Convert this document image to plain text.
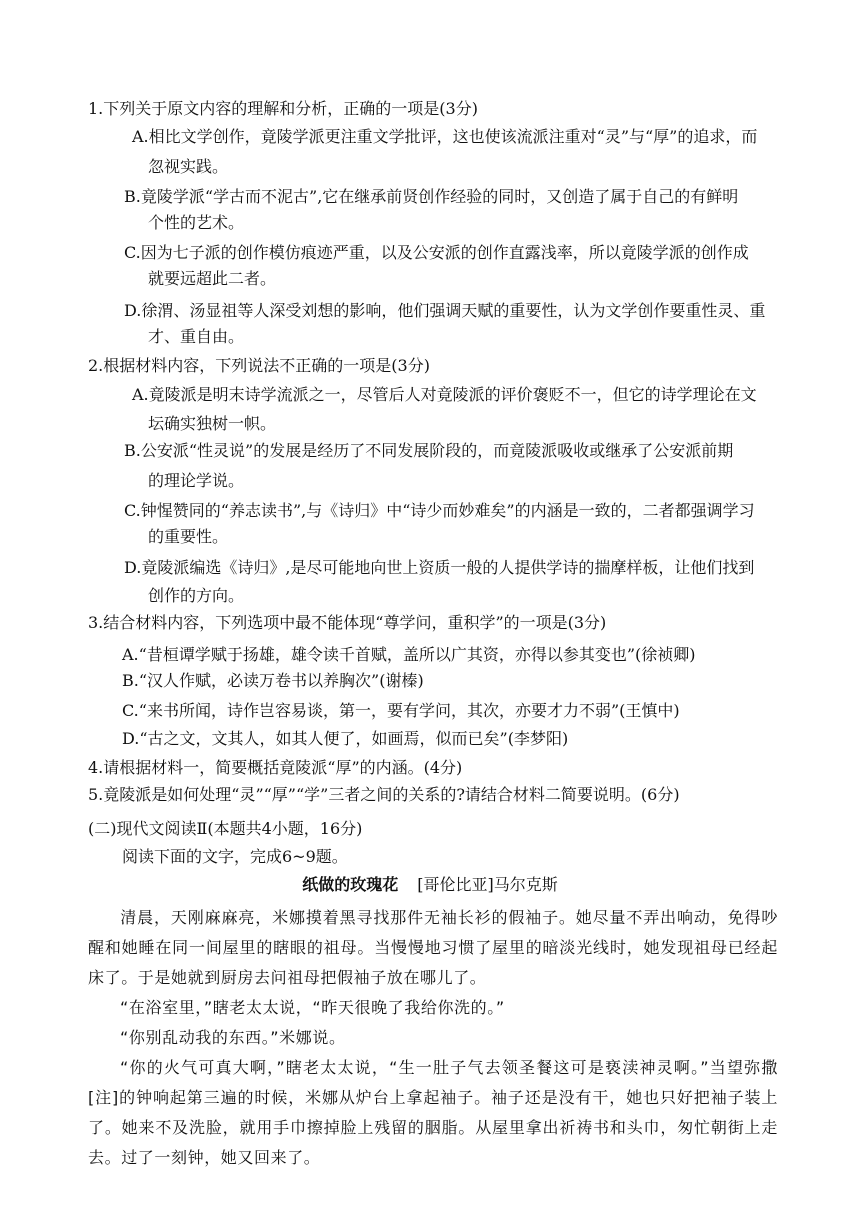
1.下列关于原文内容的理解和分析，正确的一项是(3分)
A.相比文学创作，竟陵学派更注重文学批评，这也使该流派注重对“灵”与“厚”的追求，而
忽视实践。
B.竟陵学派“学古而不泥古”,它在继承前贤创作经验的同时，又创造了属于自己的有鲜明
个性的艺术。
C.因为七子派的创作模仿痕迹严重，以及公安派的创作直露浅率，所以竟陵学派的创作成
就要远超此二者。
D.徐渭、汤显祖等人深受刘想的影响，他们强调天赋的重要性，认为文学创作要重性灵、重
才、重自由。
2.根据材料内容，下列说法不正确的一项是(3分)
A.竟陵派是明末诗学流派之一，尽管后人对竟陵派的评价褒贬不一，但它的诗学理论在文
坛确实独树一帜。
B.公安派“性灵说”的发展是经历了不同发展阶段的，而竟陵派吸收或继承了公安派前期
的理论学说。
C.钟惺赞同的“养志读书”,与《诗归》中“诗少而妙难矣”的内涵是一致的，二者都强调学习
的重要性。
D.竟陵派编选《诗归》,是尽可能地向世上资质一般的人提供学诗的揣摩样板，让他们找到
创作的方向。
3.结合材料内容，下列选项中最不能体现“尊学问，重积学”的一项是(3分)
A.“昔桓谭学赋于扬雄，雄令读千首赋，盖所以广其资，亦得以参其变也”(徐祯卿)
B.“汉人作赋，必读万卷书以养胸次”(谢榛)
C.“来书所闻，诗作岂容易谈，第一，要有学问，其次，亦要才力不弱”(王慎中)
D.“古之文，文其人，如其人便了，如画焉，似而已矣”(李梦阳)
4.请根据材料一，简要概括竟陵派“厚”的内涵。(4分)
5.竟陵派是如何处理“灵”“厚”“学”三者之间的关系的?请结合材料二简要说明。(6分)
(二)现代文阅读Ⅱ(本题共4小题，16分)
阅读下面的文字，完成6~9题。
纸做的玫瑰花 [哥伦比亚]马尔克斯
清晨，天刚麻麻亮，米娜摸着黑寻找那件无袖长衫的假袖子。她尽量不弄出响动，免得吵醒和她睡在同一间屋里的瞎眼的祖母。当慢慢地习惯了屋里的暗淡光线时，她发现祖母已经起床了。于是她就到厨房去问祖母把假袖子放在哪儿了。
“在浴室里，”瞎老太太说，“昨天很晚了我给你洗的。”
“你别乱动我的东西。”米娜说。
“你的火气可真大啊，”瞎老太太说，“生一肚子气去领圣餐这可是亵渎神灵啊。”当望弥撒[注]的钟响起第三遍的时候，米娜从炉台上拿起袖子。袖子还是没有干，她也只好把袖子装上了。她来不及洗脸，就用手巾擦掉脸上残留的胭脂。从屋里拿出祈祷书和头巾，匆忙朝街上走去。过了一刻钟，她又回来了。
